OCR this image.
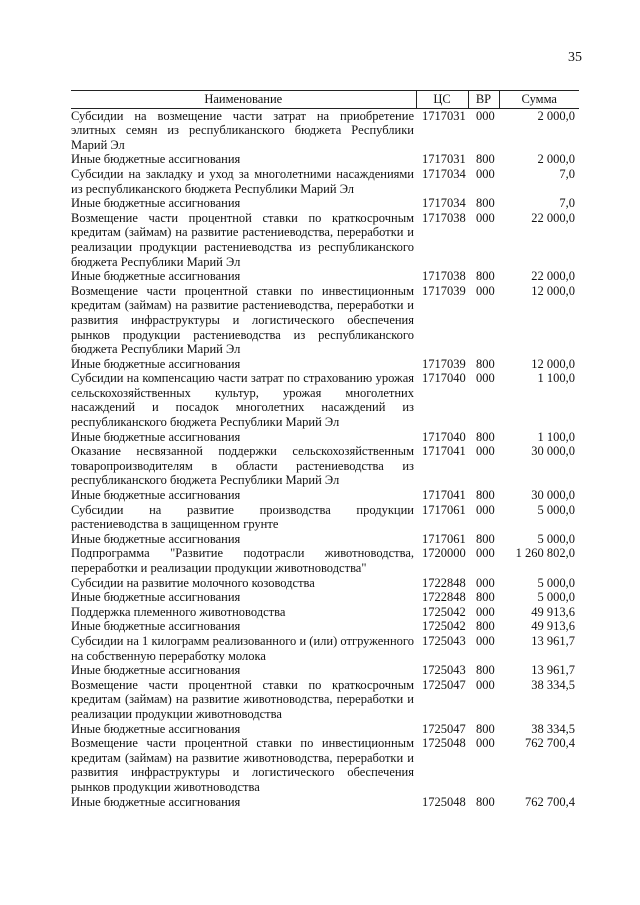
35
Наименование	ЦС	ВР	Сумма
Субсидии на возмещение части затрат на приобретение элитных семян из республиканского бюджета Республики Марий Эл	1717031	000	2 000,0
Иные бюджетные ассигнования	1717031	800	2 000,0
Субсидии на закладку и уход за многолетними насаждениями из республиканского бюджета Республики Марий Эл	1717034	000	7,0
Иные бюджетные ассигнования	1717034	800	7,0
Возмещение части процентной ставки по краткосрочным кредитам (займам) на развитие растениеводства, переработки и реализации продукции растениеводства из республиканского бюджета Республики Марий Эл	1717038	000	22 000,0
Иные бюджетные ассигнования	1717038	800	22 000,0
Возмещение части процентной ставки по инвестиционным кредитам (займам) на развитие растениеводства, переработки и развития инфраструктуры и логистического обеспечения рынков продукции растениеводства из республиканского бюджета Республики Марий Эл	1717039	000	12 000,0
Иные бюджетные ассигнования	1717039	800	12 000,0
Субсидии на компенсацию части затрат по страхованию урожая сельскохозяйственных культур, урожая многолетних насаждений и посадок многолетних насаждений из республиканского бюджета Республики Марий Эл	1717040	000	1 100,0
Иные бюджетные ассигнования	1717040	800	1 100,0
Оказание несвязанной поддержки сельскохозяйственным товаропроизводителям в области растениеводства из республиканского бюджета Республики Марий Эл	1717041	000	30 000,0
Иные бюджетные ассигнования	1717041	800	30 000,0
Субсидии на развитие производства продукции растениеводства в защищенном грунте	1717061	000	5 000,0
Иные бюджетные ассигнования	1717061	800	5 000,0
Подпрограмма "Развитие подотрасли животноводства, переработки и реализации продукции животноводства"	1720000	000	1 260 802,0
Субсидии на развитие молочного козоводства	1722848	000	5 000,0
Иные бюджетные ассигнования	1722848	800	5 000,0
Поддержка племенного животноводства	1725042	000	49 913,6
Иные бюджетные ассигнования	1725042	800	49 913,6
Субсидии на 1 килограмм реализованного и (или) отгруженного на собственную переработку молока	1725043	000	13 961,7
Иные бюджетные ассигнования	1725043	800	13 961,7
Возмещение части процентной ставки по краткосрочным кредитам (займам) на развитие животноводства, переработки и реализации продукции животноводства	1725047	000	38 334,5
Иные бюджетные ассигнования	1725047	800	38 334,5
Возмещение части процентной ставки по инвестиционным кредитам (займам) на развитие животноводства, переработки и развития инфраструктуры и логистического обеспечения рынков продукции животноводства	1725048	000	762 700,4
Иные бюджетные ассигнования	1725048	800	762 700,4
